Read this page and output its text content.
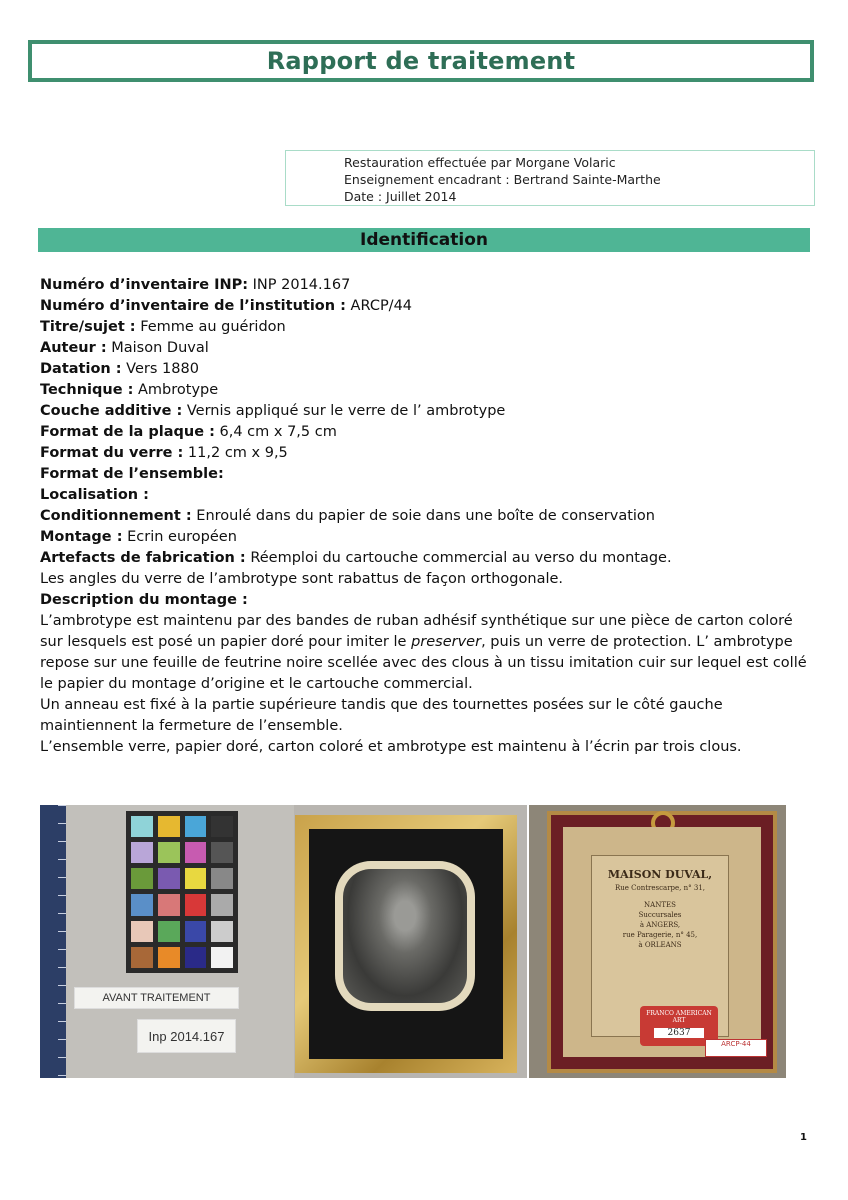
Rapport de traitement
Restauration effectuée par Morgane Volaric
Enseignement encadrant : Bertrand Sainte-Marthe
Date : Juillet 2014
Identification

Numéro d’inventaire INP: INP 2014.167

Numéro d’inventaire de l’institution : ARCP/44

Titre/sujet : Femme au guéridon

Auteur : Maison Duval

Datation : Vers 1880

Technique : Ambrotype

Couche additive : Vernis appliqué sur le verre de l’ ambrotype

Format de la plaque : 6,4 cm x 7,5 cm

Format du verre : 11,2 cm x 9,5

Format de l’ensemble:

Localisation :

Conditionnement : Enroulé dans du papier de soie dans une boîte de conservation

Montage : Ecrin européen

Artefacts de fabrication : Réemploi du cartouche commercial au verso du montage.

Les angles du verre de l’ambrotype sont rabattus de façon orthogonale.

Description du montage :

L’ambrotype est maintenu par des bandes de ruban adhésif synthétique sur une pièce de carton coloré sur lesquels est posé un papier doré pour imiter le preserver, puis un verre de protection. L’ ambrotype repose sur une feuille de feutrine noire scellée avec des clous à un tissu imitation cuir sur lequel est collé le papier du montage d’origine et le cartouche commercial.

Un anneau est fixé à la partie supérieure tandis que des tournettes posées sur le côté gauche maintiennent la fermeture de l’ensemble.

L’ensemble verre, papier doré, carton coloré et ambrotype est maintenu à l’écrin par trois clous.

AVANT TRAITEMENT
Inp 2014.167
MAISON DUVAL,
Rue Contrescarpe, n° 31,
NANTES
Succursales
à ANGERS,
rue Paragerie, n° 45,
à ORLEANS
FRANCO AMERICAN ART
2637
ARCP-44
1
